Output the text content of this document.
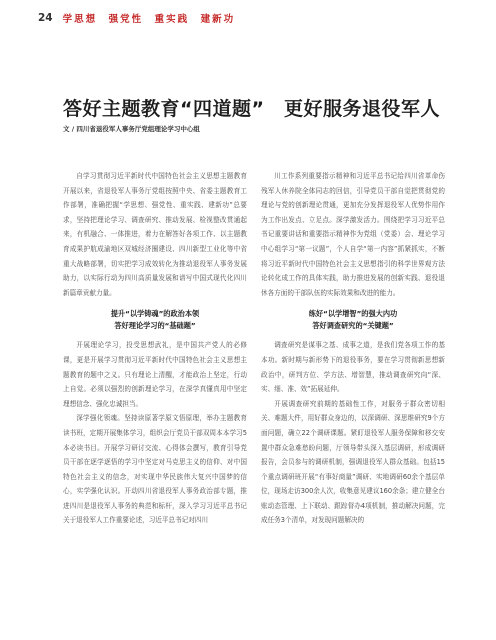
24 学思想　强党性　重实践　建新功
答好主题教育“四道题”　更好服务退役军人
文 / 四川省退役军人事务厅党组理论学习中心组

自学习贯彻习近平新时代中国特色社会主义思想主题教育开展以来，省退役军人事务厅党组按照中央、省委主题教育工作部署，准确把握“学思想、强党性、重实践、建新功”总要求，坚持把理论学习、调查研究、推动发展、检视整改贯通起来，有机融合、一体推进，着力在解答好各项工作、以主题教育成果护航成渝地区双城经济圈建设、四川新型工业化等中省重大战略部署，切实把学习成效转化为推动退役军人事务发展助力，以实际行动为四川高质量发展和谱写中国式现代化四川新篇章贡献力量。

提升“以学铸魂”的政治本领
答好理论学习的“基础题”

开展理论学习，投受思想武礼，是中国共产党人的必修课，更是开展学习贯彻习近平新时代中国特色社会主义思想主题教育的题中之义。只有理论上清醒，才能政治上坚定，行动上自觉。必须以强烈的创新理论学习，在深学真懂真用中坚定理想信念、强化忠诚担当。

深学强化领魂。坚持读原著学原文悟原理，举办主题教育读书班，定期开展集体学习，组织会厅党员干部双周本本学习5本必读书目。开展学习研讨交流、心得体会撰写，教育引导党员干部在逐学逐悟的学习中坚定对马克思主义的信仰、对中国特色社会主义的信念，对实现中华民族伟大复兴中国梦的信心，实学强化认识。开动四川省退役军人事务政治部专题，推进四川是退役军人事务的典范和标杆，深入学习习近平总书记关于退役军人工作重要论述，习近平总书记对四川

川工作系列重要指示精神和习近平总书记给四川省革命伤残军人休养院全体同志的回信，引导党员干部自觉把贯彻党的理论与党的创新理论贯通，更加充分发挥退役军人优势作用作为工作出发点、立足点。深学激发活力。围绕把学习习近平总书记重要讲话和重要指示精神作为党组（党委）会、理论学习中心组学习“第一议题”，个人自学“第一内容”抓紧抓实，不断将习近平新时代中国特色社会主义思想指引的科学世界观方法论转化成工作的具体实践，助力推进发展的创新实践、退役退休各方面的干部队伍的实际效果和改进的能力。

练好“以学增智”的强大内功
答好调查研究的“关键题”

调查研究是谋事之基、成事之道，是我们党各项工作的基本功。新时期与新形势下的退役事务，要在学习贯彻新思想新政治中，研判方位、学方法、增智慧，推动调查研究向“深、实、细、准、效”拓展延伸。

开展调查研究前期的基础性工作，对服务于群众密切相关、难题大件，用好群众身边的，以深调研、深思维研究9个方面问题，确立22个调研课题。紧盯退役军人服务保障和移交安置中群众急难愁盼问题，厅领导带头深入基层调研，形成调研报告，会员参与的调研机制，强调退役军人群众基础。包括15个重点调研班开展“有事好商量”调研、实地调研60余个基层单位，现场走访300余人次，收集意见建议160余条；建立健全台账动态管理、上下联动、跟踪督办4项机制，推动解决问题，完成任务3个清单，对发现问题解决的
